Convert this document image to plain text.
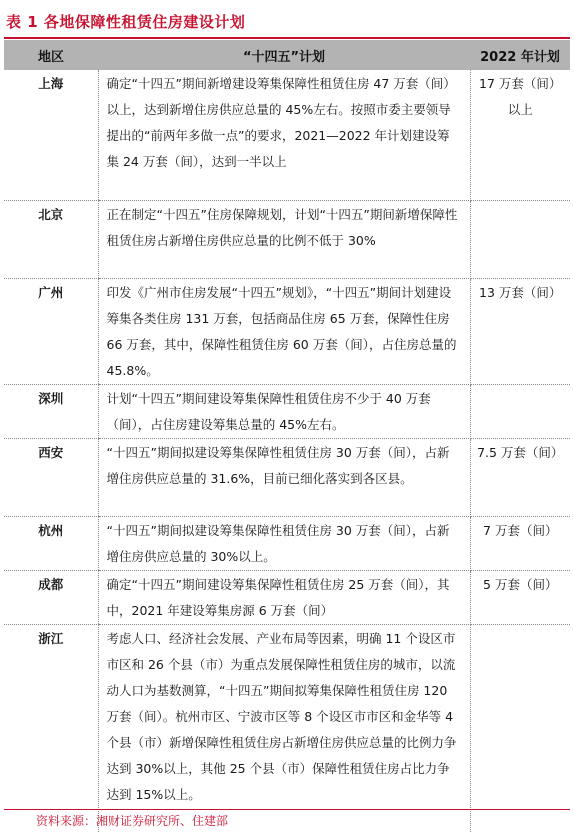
表 1 各地保障性租赁住房建设计划
地区	“十四五”计划	2022 年计划
上海	确定“十四五”期间新增建设筹集保障性租赁住房 47 万套（间）以上，达到新增住房供应总量的 45%左右。按照市委主要领导提出的“前两年多做一点”的要求，2021—2022 年计划建设筹集 24 万套（间），达到一半以上	17 万套（间）以上
北京	正在制定“十四五”住房保障规划，计划“十四五”期间新增保障性租赁住房占新增住房供应总量的比例不低于 30%	
广州	印发《广州市住房发展“十四五”规划》，“十四五”期间计划建设筹集各类住房 131 万套，包括商品住房 65 万套，保障性住房 66 万套，其中，保障性租赁住房 60 万套（间），占住房总量的 45.8%。	13 万套（间）
深圳	计划“十四五”期间建设筹集保障性租赁住房不少于 40 万套（间），占住房建设筹集总量的 45%左右。	
西安	“十四五”期间拟建设筹集保障性租赁住房 30 万套（间），占新增住房供应总量的 31.6%，目前已细化落实到各区县。	7.5 万套（间）
杭州	“十四五”期间拟建设筹集保障性租赁住房 30 万套（间），占新增住房供应总量的 30%以上。	7 万套（间）
成都	确定“十四五”期间建设筹集保障性租赁住房 25 万套（间），其中，2021 年建设筹集房源 6 万套（间）	5 万套（间）
浙江	考虑人口、经济社会发展、产业布局等因素，明确 11 个设区市市区和 26 个县（市）为重点发展保障性租赁住房的城市，以流动人口为基数测算，“十四五”期间拟筹集保障性租赁住房 120 万套（间）。杭州市区、宁波市区等 8 个设区市市区和金华等 4 个县（市）新增保障性租赁住房占新增住房供应总量的比例力争达到 30%以上，其他 25 个县（市）保障性租赁住房占比力争达到 15%以上。	
资料来源：湘财证券研究所、住建部
